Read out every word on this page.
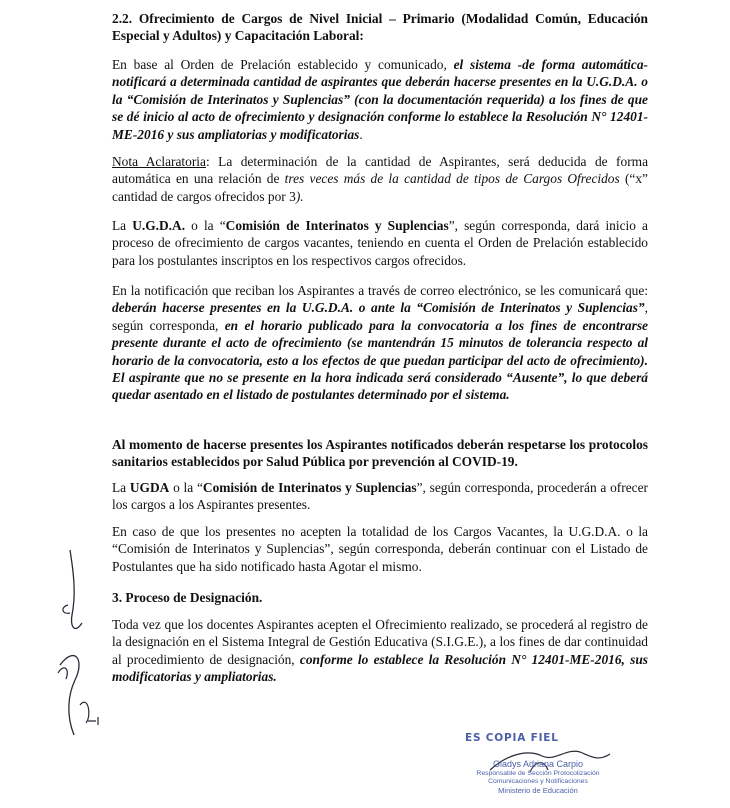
2.2. Ofrecimiento de Cargos de Nivel Inicial – Primario (Modalidad Común, Educación Especial y Adultos) y Capacitación Laboral:
En base al Orden de Prelación establecido y comunicado, el sistema -de forma automática- notificará a determinada cantidad de aspirantes que deberán hacerse presentes en la U.G.D.A. o la “Comisión de Interinatos y Suplencias” (con la documentación requerida) a los fines de que se dé inicio al acto de ofrecimiento y designación conforme lo establece la Resolución N° 12401-ME-2016 y sus ampliatorias y modificatorias.
Nota Aclaratoria: La determinación de la cantidad de Aspirantes, será deducida de forma automática en una relación de tres veces más de la cantidad de tipos de Cargos Ofrecidos (“x” cantidad de cargos ofrecidos por 3).
La U.G.D.A. o la “Comisión de Interinatos y Suplencias”, según corresponda, dará inicio a proceso de ofrecimiento de cargos vacantes, teniendo en cuenta el Orden de Prelación establecido para los postulantes inscriptos en los respectivos cargos ofrecidos.
En la notificación que reciban los Aspirantes a través de correo electrónico, se les comunicará que: deberán hacerse presentes en la U.G.D.A. o ante la “Comisión de Interinatos y Suplencias”, según corresponda, en el horario publicado para la convocatoria a los fines de encontrarse presente durante el acto de ofrecimiento (se mantendrán 15 minutos de tolerancia respecto al horario de la convocatoria, esto a los efectos de que puedan participar del acto de ofrecimiento). El aspirante que no se presente en la hora indicada será considerado “Ausente”, lo que deberá quedar asentado en el listado de postulantes determinado por el sistema.
Al momento de hacerse presentes los Aspirantes notificados deberán respetarse los protocolos sanitarios establecidos por Salud Pública por prevención al COVID-19.
La UGDA o la “Comisión de Interinatos y Suplencias”, según corresponda, procederán a ofrecer los cargos a los Aspirantes presentes.
En caso de que los presentes no acepten la totalidad de los Cargos Vacantes, la U.G.D.A. o la “Comisión de Interinatos y Suplencias”, según corresponda, deberán continuar con el Listado de Postulantes que ha sido notificado hasta Agotar el mismo.
3. Proceso de Designación.
Toda vez que los docentes Aspirantes acepten el Ofrecimiento realizado, se procederá al registro de la designación en el Sistema Integral de Gestión Educativa (S.I.G.E.), a los fines de dar continuidad al procedimiento de designación, conforme lo establece la Resolución N° 12401-ME-2016, sus modificatorias y ampliatorias.
ES COPIA FIEL
Gladys Adriana Carpio
Responsable de Sección Protocolización
Comunicaciones y Notificaciones
Ministerio de Educación
